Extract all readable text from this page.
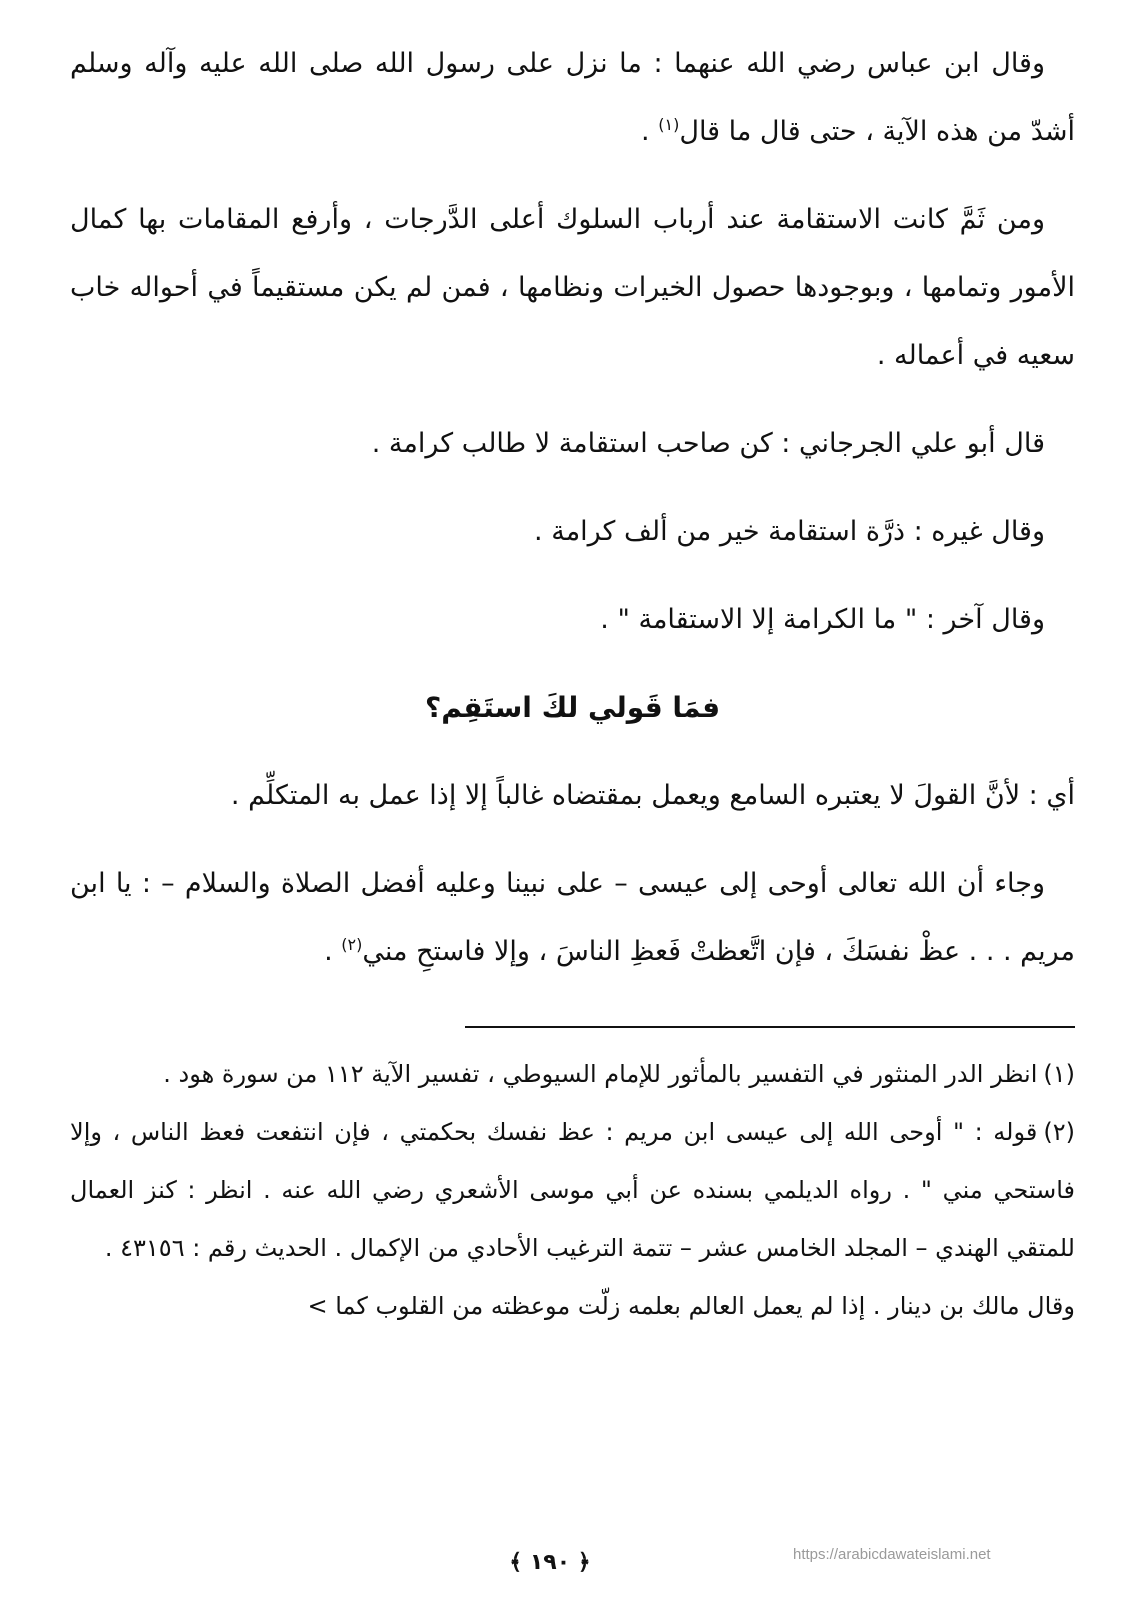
وقال ابن عباس رضي الله عنهما : ما نزل على رسول الله صلى الله عليه وآله وسلم أشدّ من هذه الآية ، حتى قال ما قال$^{(١)}$ .

ومن ثَمَّ كانت الاستقامة عند أرباب السلوك أعلى الدَّرجات ، وأرفع المقامات بها كمال الأمور وتمامها ، وبوجودها حصول الخيرات ونظامها ، فمن لم يكن مستقيماً في أحواله خاب سعيه في أعماله .

قال أبو علي الجرجاني : كن صاحب استقامة لا طالب كرامة .

وقال غيره : ذرَّة استقامة خير من ألف كرامة .

وقال آخر : " ما الكرامة إلا الاستقامة " .

فمَا قَولي لكَ استَقِم؟

أي : لأنَّ القولَ لا يعتبره السامع ويعمل بمقتضاه غالباً إلا إذا عمل به المتكلِّم .

وجاء أن الله تعالى أوحى إلى عيسى – على نبينا وعليه أفضل الصلاة والسلام – : يا ابن مريم . . . عظْ نفسَكَ ، فإن اتَّعظتْ فَعظِ الناسَ ، وإلا فاستحِ مني$^{(٢)}$ .

(١)انظر الدر المنثور في التفسير بالمأثور للإمام السيوطي ، تفسير الآية ١١٢ من سورة هود .

(٢)قوله : " أوحى الله إلى عيسى ابن مريم : عظ نفسك بحكمتي ، فإن انتفعت فعظ الناس ، وإلا فاستحي مني " . رواه الديلمي بسنده عن أبي موسى الأشعري رضي الله عنه . انظر : كنز العمال للمتقي الهندي – المجلد الخامس عشر – تتمة الترغيب الأحادي من الإكمال . الحديث رقم : ٤٣١٥٦ .

وقال مالك بن دينار . إذا لم يعمل العالم بعلمه زلّت موعظته من القلوب كما >

﴿ ١٩٠ ﴾	https://arabicdawateislami.net
